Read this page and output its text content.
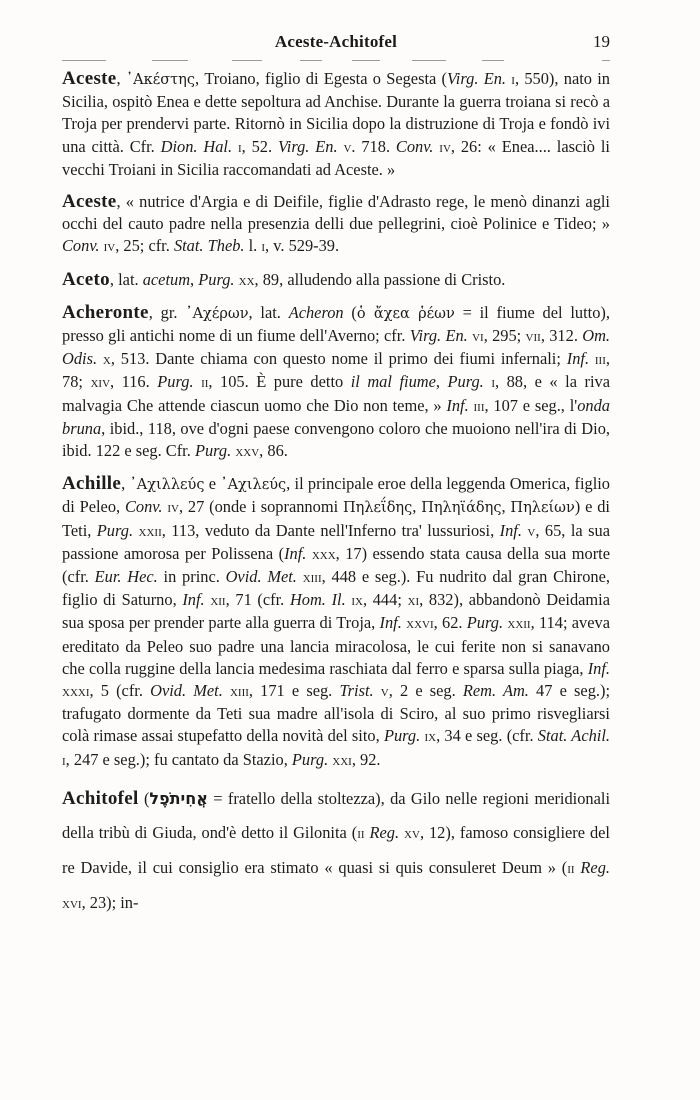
Aceste-Achitofel	19

Aceste, ᾿Ακέστης, Troiano, figlio di Egesta o Segesta (Virg. En. i, 550), nato in Sicilia, ospitò Enea e dette sepoltura ad Anchise. Durante la guerra troiana si recò a Troja per prendervi parte. Ritornò in Sicilia dopo la distruzione di Troja e fondò ivi una città. Cfr. Dion. Hal. i, 52. Virg. En. v. 718. Conv. iv, 26: « Enea.... lasciò li vecchi Troiani in Sicilia raccomandati ad Aceste. »

Aceste, « nutrice d'Argia e di Deifile, figlie d'Adrasto rege, le menò dinanzi agli occhi del cauto padre nella presenzia delli due pellegrini, cioè Polinice e Tideo; » Conv. iv, 25; cfr. Stat. Theb. l. i, v. 529-39.

Aceto, lat. acetum, Purg. xx, 89, alludendo alla passione di Cristo.

Acheronte, gr. ᾿Αχέρων, lat. Acheron (ὁ ἄχεα ῥέων = il fiume del lutto), presso gli antichi nome di un fiume dell'Averno; cfr. Virg. En. vi, 295; vii, 312. Om. Odis. x, 513. Dante chiama con questo nome il primo dei fiumi infernali; Inf. iii, 78; xiv, 116. Purg. ii, 105. È pure detto il mal fiume, Purg. i, 88, e « la riva malvagia Che attende ciascun uomo che Dio non teme, » Inf. iii, 107 e seg., l'onda bruna, ibid., 118, ove d'ogni paese convengono coloro che muoiono nell'ira di Dio, ibid. 122 e seg. Cfr. Purg. xxv, 86.

Achille, ᾿Αχιλλεύς e ᾿Αχιλεύς, il principale eroe della leggenda Omerica, figlio di Peleo, Conv. iv, 27 (onde i soprannomi Πηλεΐδης, Πηληϊάδης, Πηλείων) e di Teti, Purg. xxii, 113, veduto da Dante nell'Inferno tra' lussuriosi, Inf. v, 65, la sua passione amorosa per Polissena (Inf. xxx, 17) essendo stata causa della sua morte (cfr. Eur. Hec. in princ. Ovid. Met. xiii, 448 e seg.). Fu nudrito dal gran Chirone, figlio di Saturno, Inf. xii, 71 (cfr. Hom. Il. ix, 444; xi, 832), abbandonò Deidamia sua sposa per prender parte alla guerra di Troja, Inf. xxvi, 62. Purg. xxii, 114; aveva ereditato da Peleo suo padre una lancia miracolosa, le cui ferite non si sanavano che colla ruggine della lancia medesima raschiata dal ferro e sparsa sulla piaga, Inf. xxxi, 5 (cfr. Ovid. Met. xiii, 171 e seg. Trist. v, 2 e seg. Rem. Am. 47 e seg.); trafugato dormente da Teti sua madre all'isola di Sciro, al suo primo risvegliarsi colà rimase assai stupefatto della novità del sito, Purg. ix, 34 e seg. (cfr. Stat. Achil. i, 247 e seg.); fu cantato da Stazio, Purg. xxi, 92.

Achitofel (אֲחִיתֹפֶל = fratello della stoltezza), da Gilo nelle regioni meridionali della tribù di Giuda, ond'è detto il Gilonita (ii Reg. xv, 12), famoso consigliere del re Davide, il cui consiglio era stimato « quasi si quis consuleret Deum » (ii Reg. xvi, 23); in-
